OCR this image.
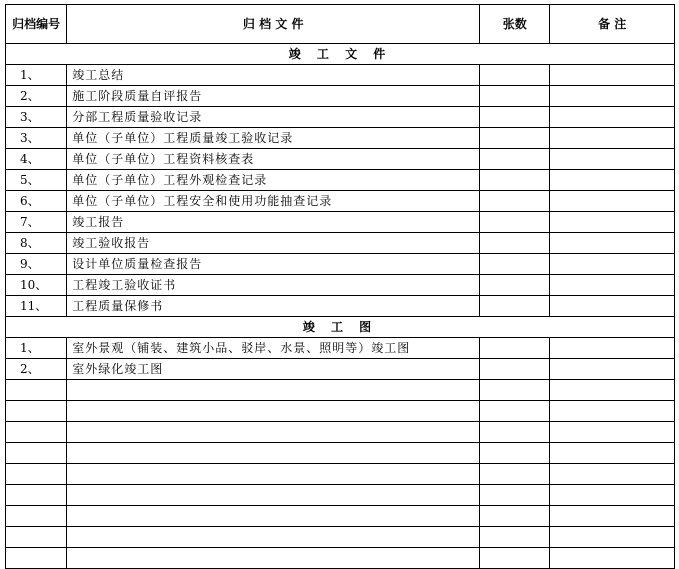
归档编号	归 档 文 件	张数	备 注
竣 工 文 件			
1、	竣工总结		
2、	施工阶段质量自评报告		
3、	分部工程质量验收记录		
3、	单位（子单位）工程质量竣工验收记录		
4、	单位（子单位）工程资料核查表		
5、	单位（子单位）工程外观检查记录		
6、	单位（子单位）工程安全和使用功能抽查记录		
7、	竣工报告		
8、	竣工验收报告		
9、	设计单位质量检查报告		
10、	工程竣工验收证书		
11、	工程质量保修书		
竣 工 图			
1、	室外景观（铺装、建筑小品、驳岸、水景、照明等）竣工图		
2、	室外绿化竣工图		
